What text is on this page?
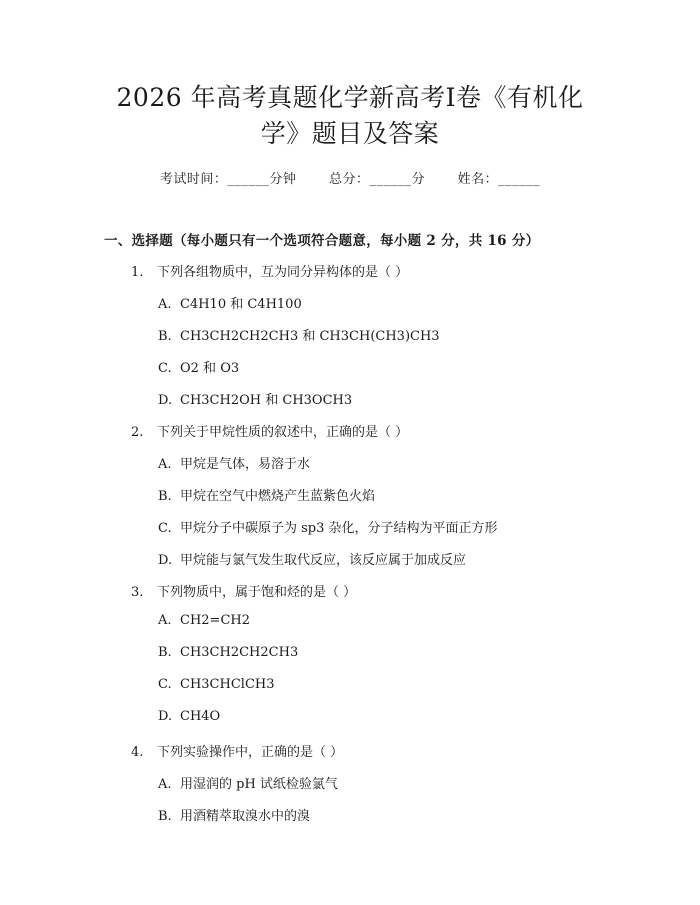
2026 年高考真题化学新高考Ⅰ卷《有机化
学》题目及答案
考试时间：______分钟	总分：______分	姓名：______
一、选择题（每小题只有一个选项符合题意，每小题 2 分，共 16 分）
1. 下列各组物质中，互为同分异构体的是（ ）
A. C4H10 和 C4H100
B. CH3CH2CH2CH3 和 CH3CH(CH3)CH3
C. O2 和 O3
D. CH3CH2OH 和 CH3OCH3
2. 下列关于甲烷性质的叙述中，正确的是（ ）
A. 甲烷是气体，易溶于水
B. 甲烷在空气中燃烧产生蓝紫色火焰
C. 甲烷分子中碳原子为 sp3 杂化，分子结构为平面正方形
D. 甲烷能与氯气发生取代反应，该反应属于加成反应
3. 下列物质中，属于饱和烃的是（ ）
A. CH2=CH2
B. CH3CH2CH2CH3
C. CH3CHClCH3
D. CH4O
4. 下列实验操作中，正确的是（ ）
A. 用湿润的 pH 试纸检验氯气
B. 用酒精萃取溴水中的溴
